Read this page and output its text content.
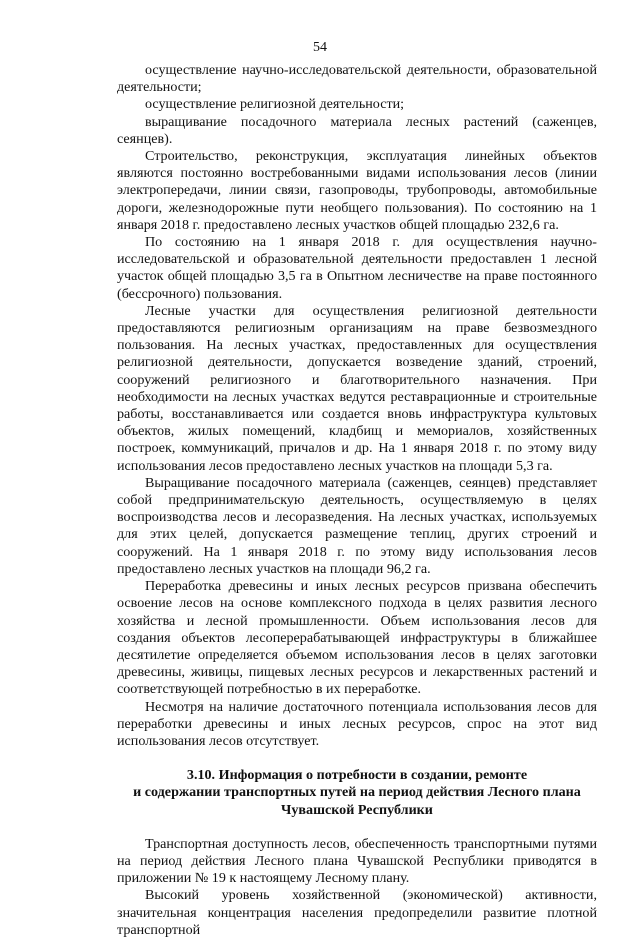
54

осуществление научно-исследовательской деятельности, образовательной деятельности;

осуществление религиозной деятельности;

выращивание посадочного материала лесных растений (саженцев, сеянцев).

Строительство, реконструкция, эксплуатация линейных объектов являются постоянно востребованными видами использования лесов (линии электропередачи, линии связи, газопроводы, трубопроводы, автомобильные дороги, железнодорожные пути необщего пользования). По состоянию на 1 января 2018 г. предоставлено лесных участков общей площадью 232,6 га.

По состоянию на 1 января 2018 г. для осуществления научно-исследовательской и образовательной деятельности предоставлен 1 лесной участок общей площадью 3,5 га в Опытном лесничестве на праве постоянного (бессрочного) пользования.

Лесные участки для осуществления религиозной деятельности предоставляются религиозным организациям на праве безвозмездного пользования. На лесных участках, предоставленных для осуществления религиозной деятельности, допускается возведение зданий, строений, сооружений религиозного и благотворительного назначения. При необходимости на лесных участках ведутся реставрационные и строительные работы, восстанавливается или создается вновь инфраструктура культовых объектов, жилых помещений, кладбищ и мемориалов, хозяйственных построек, коммуникаций, причалов и др. На 1 января 2018 г. по этому виду использования лесов предоставлено лесных участков на площади 5,3 га.

Выращивание посадочного материала (саженцев, сеянцев) представляет собой предпринимательскую деятельность, осуществляемую в целях воспроизводства лесов и лесоразведения. На лесных участках, используемых для этих целей, допускается размещение теплиц, других строений и сооружений. На 1 января 2018 г. по этому виду использования лесов предоставлено лесных участков на площади 96,2 га.

Переработка древесины и иных лесных ресурсов призвана обеспечить освоение лесов на основе комплексного подхода в целях развития лесного хозяйства и лесной промышленности. Объем использования лесов для создания объектов лесоперерабатывающей инфраструктуры в ближайшее десятилетие определяется объемом использования лесов в целях заготовки древесины, живицы, пищевых лесных ресурсов и лекарственных растений и соответствующей потребностью в их переработке.

Несмотря на наличие достаточного потенциала использования лесов для переработки древесины и иных лесных ресурсов, спрос на этот вид использования лесов отсутствует.

3.10. Информация о потребности в создании, ремонте
и содержании транспортных путей на период действия Лесного плана
Чувашской Республики

Транспортная доступность лесов, обеспеченность транспортными путями на период действия Лесного плана Чувашской Республики приводятся в приложении № 19 к настоящему Лесному плану.

Высокий уровень хозяйственной (экономической) активности, значительная концентрация населения предопределили развитие плотной транспортной
